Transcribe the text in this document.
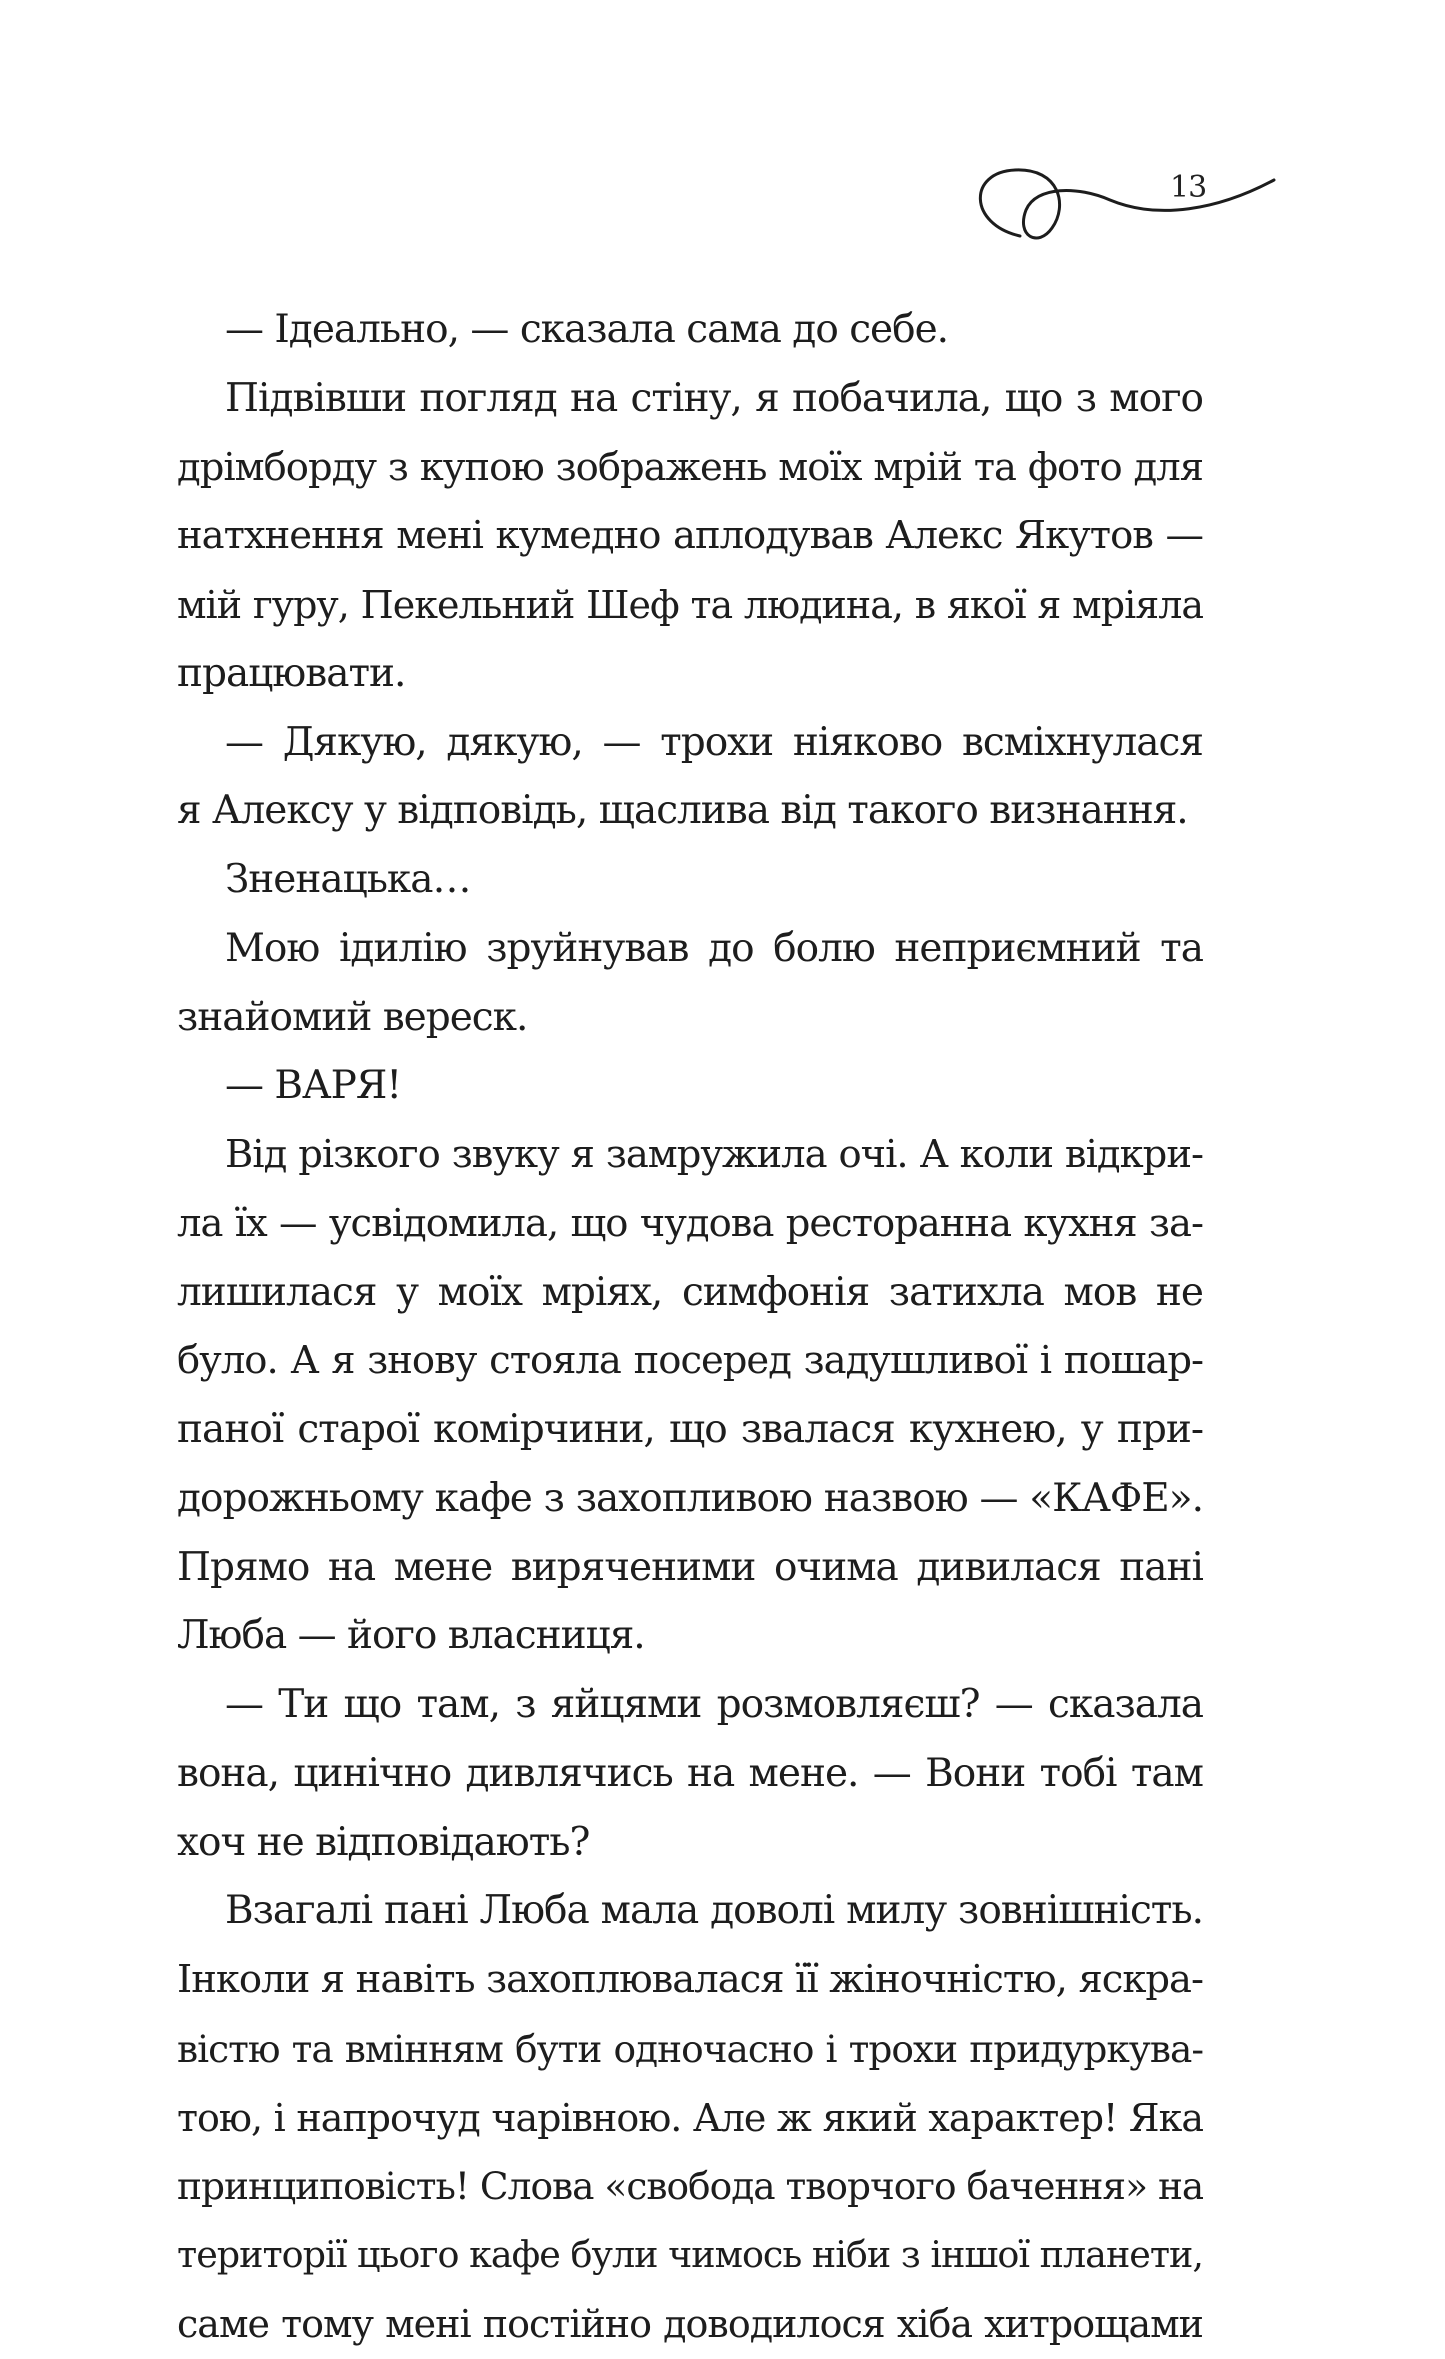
13
— Ідеально, — сказала сама до себе.
Підвівши погляд на стіну, я побачила, що з мого
дрімборду з купою зображень моїх мрій та фото для
натхнення мені кумедно аплодував Алекс Якутов —
мій гуру, Пекельний Шеф та людина, в якої я мріяла
працювати.
— Дякую, дякую, — трохи ніяково всміхнулася
я Алексу у відповідь, щаслива від такого визнання.
Зненацька…
Мою ідилію зруйнував до болю неприємний та
знайомий вереск.
— ВАРЯ!
Від різкого звуку я замружила очі. А коли відкри-
ла їх — усвідомила, що чудова ресторанна кухня за-
лишилася у моїх мріях, симфонія затихла мов не
було. А я знову стояла посеред задушливої і пошар-
паної старої комірчини, що звалася кухнею, у при-
дорожньому кафе з захопливою назвою — «КАФЕ».
Прямо на мене виряченими очима дивилася пані
Люба — його власниця.
— Ти що там, з яйцями розмовляєш? — сказала
вона, цинічно дивлячись на мене. — Вони тобі там
хоч не відповідають?
Взагалі пані Люба мала доволі милу зовнішність.
Інколи я навіть захоплювалася її жіночністю, яскра-
вістю та вмінням бути одночасно і трохи придуркува-
тою, і напрочуд чарівною. Але ж який характер! Яка
принциповість! Слова «свобода творчого бачення» на
території цього кафе були чимось ніби з іншої планети,
саме тому мені постійно доводилося хіба хитрощами
